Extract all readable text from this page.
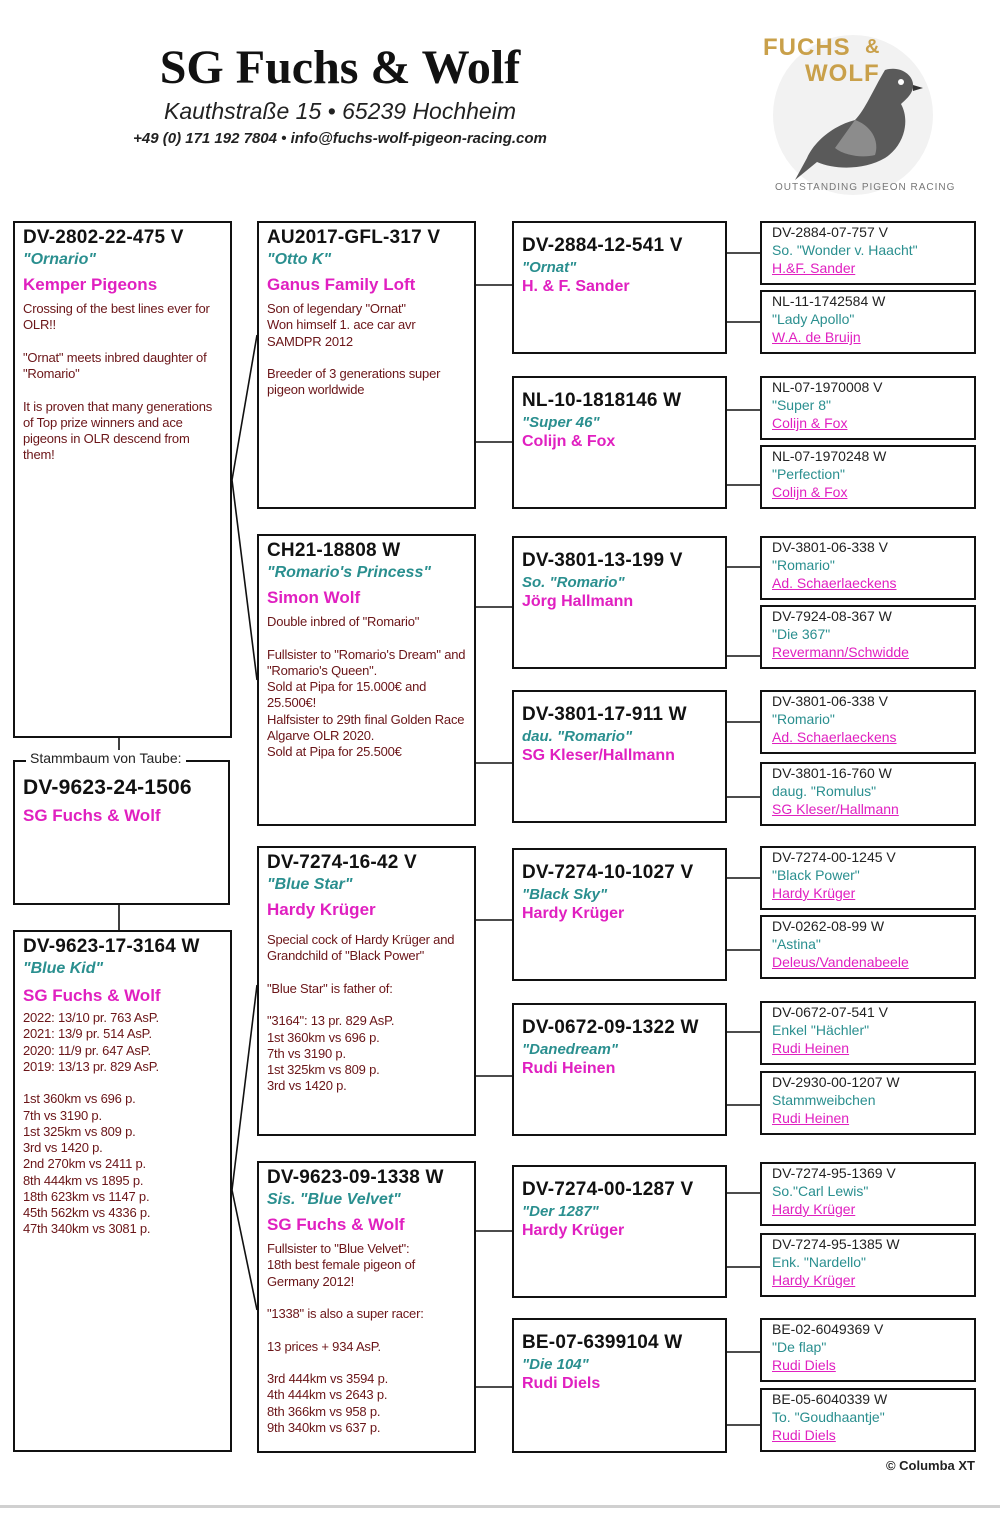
SG Fuchs & Wolf
Kauthstraße 15 • 65239 Hochheim
+49 (0) 171 192 7804 • info@fuchs-wolf-pigeon-racing.com
FUCHS &
WOLF
OUTSTANDING PIGEON RACING
DV-2802-22-475 V
"Ornario"
Kemper Pigeons
Crossing of the best lines ever for OLR!!

"Ornat" meets inbred daughter of "Romario"

It is proven that many generations of Top prize winners and ace pigeons in OLR descend from them!
DV-9623-24-1506
SG Fuchs & Wolf
Stammbaum von Taube:
DV-9623-17-3164 W
"Blue Kid"
SG Fuchs & Wolf
2022: 13/10 pr. 763 AsP.
2021: 13/9 pr. 514 AsP.
2020: 11/9 pr. 647 AsP.
2019: 13/13 pr. 829 AsP.

1st 360km vs 696 p.
7th vs 3190 p.
1st 325km vs 809 p.
3rd vs 1420 p.
2nd 270km vs 2411 p.
8th 444km vs 1895 p.
18th 623km vs 1147 p.
45th 562km vs 4336 p.
47th 340km vs 3081 p.
AU2017-GFL-317 V
"Otto K"
Ganus Family Loft
Son of legendary "Ornat"
Won himself 1. ace car avr SAMDPR 2012

Breeder of 3 generations super pigeon worldwide
CH21-18808 W
"Romario's Princess"
Simon Wolf
Double inbred of "Romario"

Fullsister to "Romario's Dream" and "Romario's Queen".
Sold at Pipa for 15.000€ and 25.500€!
Halfsister to 29th final Golden Race Algarve OLR 2020.
Sold at Pipa for 25.500€
DV-7274-16-42 V
"Blue Star"
Hardy Krüger
Special cock of Hardy Krüger and Grandchild of "Black Power"

"Blue Star" is father of:

"3164": 13 pr. 829 AsP.
1st 360km vs 696 p.
7th vs 3190 p.
1st 325km vs 809 p.
3rd vs 1420 p.
DV-9623-09-1338 W
Sis. "Blue Velvet"
SG Fuchs & Wolf
Fullsister to "Blue Velvet":
18th best female pigeon of Germany 2012!

"1338" is also a super racer:

13 prices + 934 AsP.

3rd 444km vs 3594 p.
4th 444km vs 2643 p.
8th 366km vs 958 p.
9th 340km vs 637 p.
DV-2884-12-541 V
"Ornat"
H. & F. Sander
NL-10-1818146 W
"Super 46"
Colijn & Fox
DV-3801-13-199 V
So. "Romario"
Jörg Hallmann
DV-3801-17-911 W
dau. "Romario"
SG Kleser/Hallmann
DV-7274-10-1027 V
"Black Sky"
Hardy Krüger
DV-0672-09-1322 W
"Danedream"
Rudi Heinen
DV-7274-00-1287 V
"Der 1287"
Hardy Krüger
BE-07-6399104 W
"Die 104"
Rudi Diels
DV-2884-07-757 V
So. "Wonder v. Haacht"
H.&F. Sander
NL-11-1742584 W
"Lady Apollo"
W.A. de Bruijn
NL-07-1970008 V
"Super 8"
Colijn & Fox
NL-07-1970248 W
"Perfection"
Colijn & Fox
DV-3801-06-338 V
"Romario"
Ad. Schaerlaeckens
DV-7924-08-367 W
"Die 367"
Revermann/Schwidde
DV-3801-06-338 V
"Romario"
Ad. Schaerlaeckens
DV-3801-16-760 W
daug. "Romulus"
SG Kleser/Hallmann
DV-7274-00-1245 V
"Black Power"
Hardy Krüger
DV-0262-08-99 W
"Astina"
Deleus/Vandenabeele
DV-0672-07-541 V
Enkel "Hächler"
Rudi Heinen
DV-2930-00-1207 W
Stammweibchen
Rudi Heinen
DV-7274-95-1369 V
So."Carl Lewis"
Hardy Krüger
DV-7274-95-1385 W
Enk. "Nardello"
Hardy Krüger
BE-02-6049369 V
"De flap"
Rudi Diels
BE-05-6040339 W
To. "Goudhaantje"
Rudi Diels
© Columba XT
